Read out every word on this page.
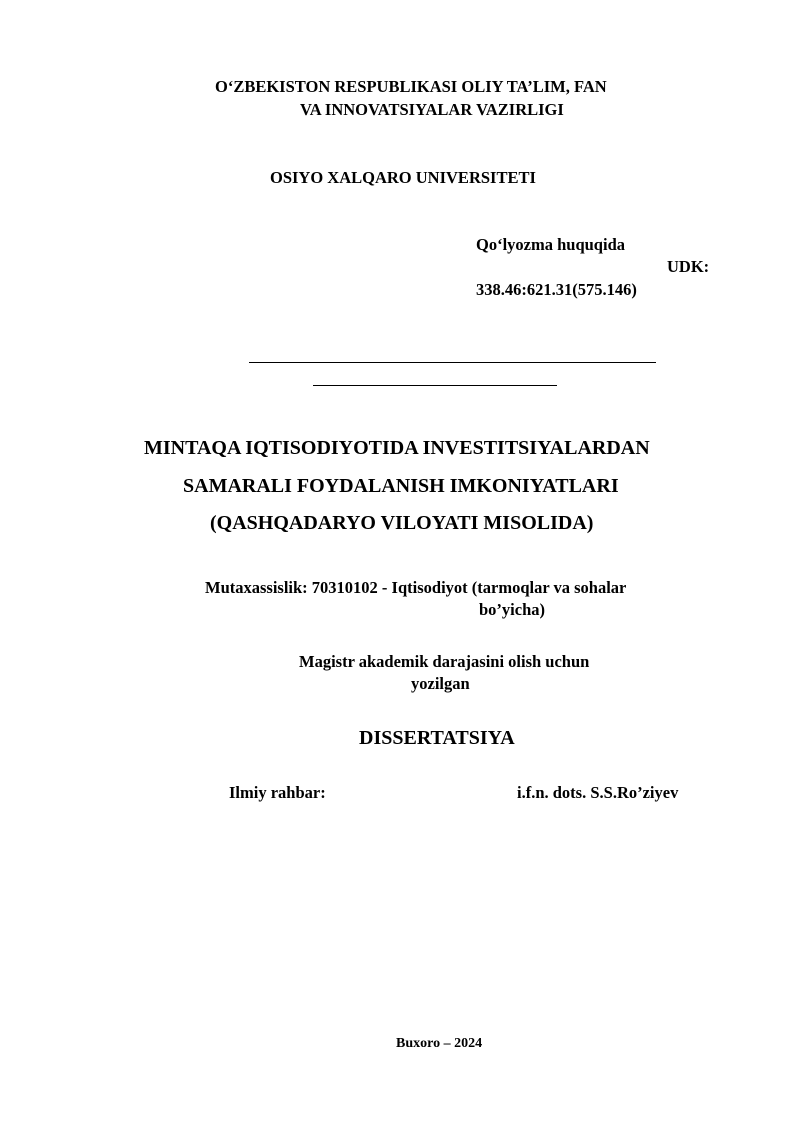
O‘ZBEKISTON RESPUBLIKASI OLIY TA’LIM, FAN
VA INNOVATSIYALAR VAZIRLIGI
OSIYO XALQARO UNIVERSITETI
Qo‘lyozma huquqida
UDK:
338.46:621.31(575.146)
MINTAQA IQTISODIYOTIDA INVESTITSIYALARDAN
SAMARALI FOYDALANISH IMKONIYATLARI
(QASHQADARYO VILOYATI MISOLIDA)
Mutaxassislik: 70310102 - Iqtisodiyot (tarmoqlar va sohalar
bo’yicha)
Magistr akademik darajasini olish uchun
yozilgan
DISSERTATSIYA
Ilmiy rahbar:	i.f.n. dots. S.S.Ro’ziyev
Buxoro – 2024
